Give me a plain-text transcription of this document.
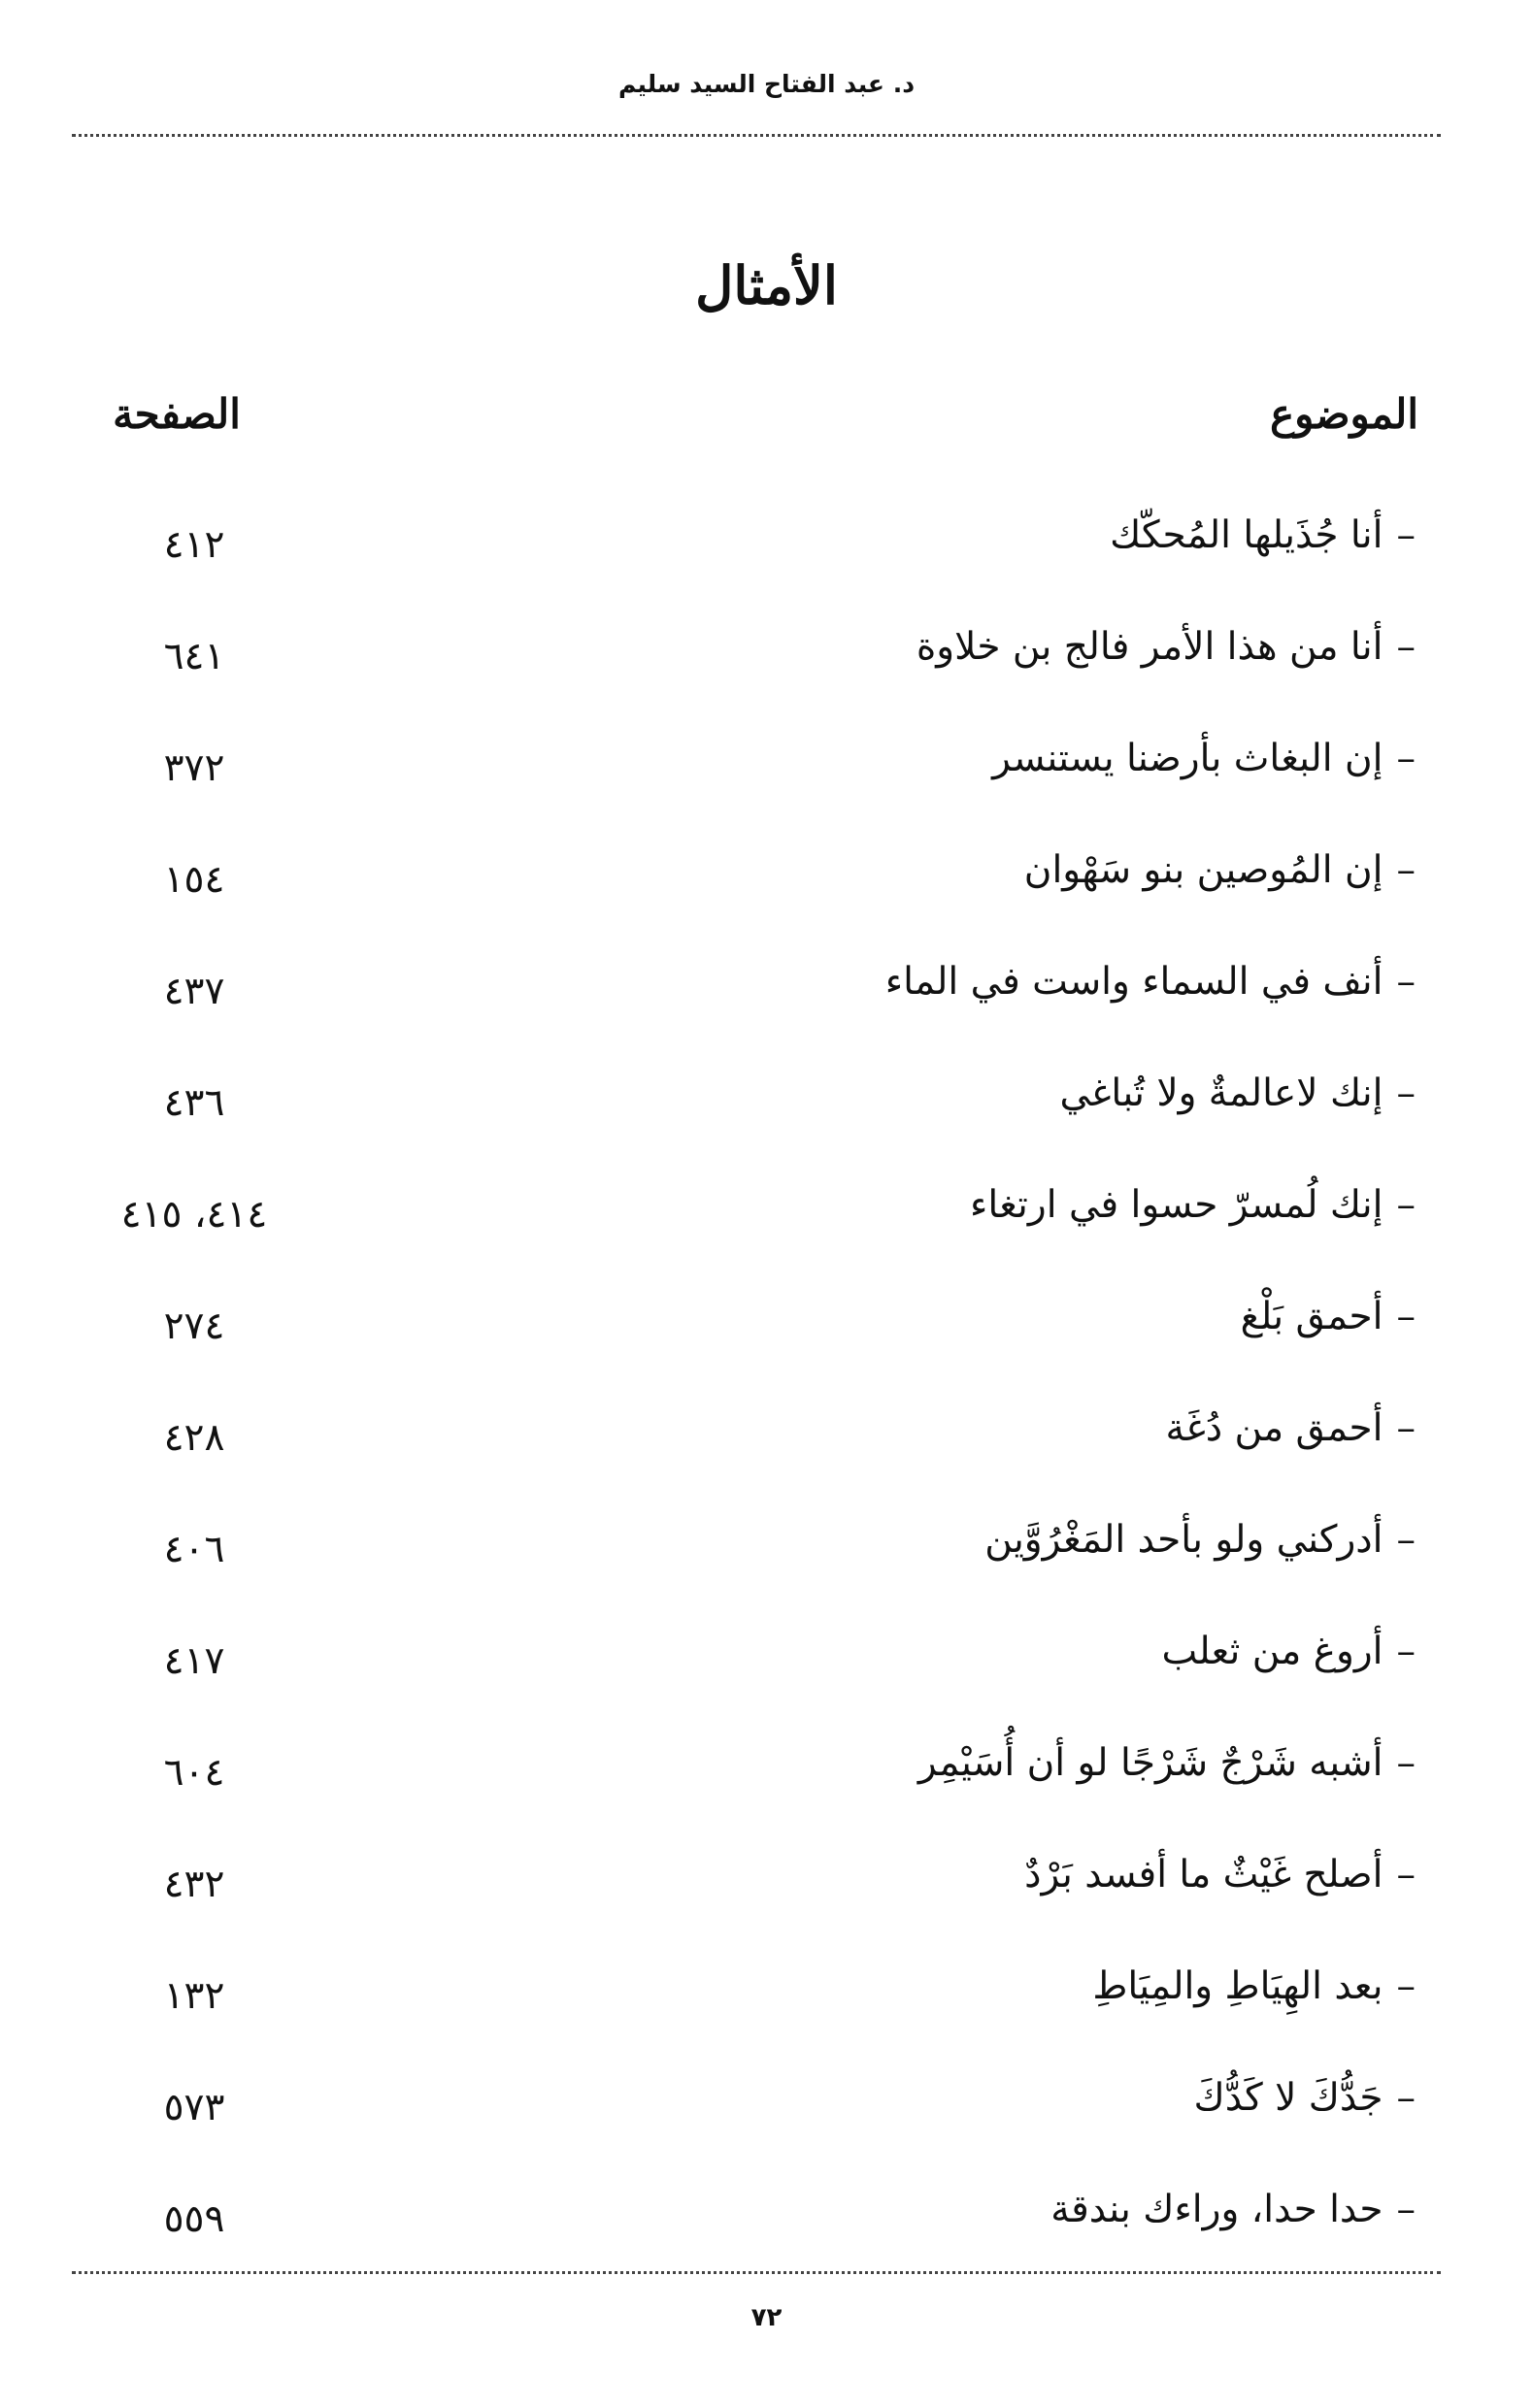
د. عبد الفتاح السيد سليم
الأمثال
الموضوع
الصفحة
–أنا جُذَيلها المُحكّك
٤١٢
–أنا من هذا الأمر فالج بن خلاوة
٦٤١
–إن البغاث بأرضنا يستنسر
٣٧٢
–إن المُوصين بنو سَهْوان
١٥٤
–أنف في السماء واست في الماء
٤٣٧
–إنك لاعالمةٌ ولا تُباغي
٤٣٦
–إنك لُمسرّ حسوا في ارتغاء
٤١٤، ٤١٥
–أحمق بَلْغ
٢٧٤
–أحمق من دُغَة
٤٢٨
–أدركني ولو بأحد المَغْرُوَّين
٤٠٦
–أروغ من ثعلب
٤١٧
–أشبه شَرْجٌ شَرْجًا لو أن أُسَيْمِر
٦٠٤
–أصلح غَيْثٌ ما أفسد بَرْدٌ
٤٣٢
–بعد الهِيَاطِ والمِيَاطِ
١٣٢
–جَدُّكَ لا كَدُّكَ
٥٧٣
–حدا حدا، وراءك بندقة
٥٥٩
٧٢
